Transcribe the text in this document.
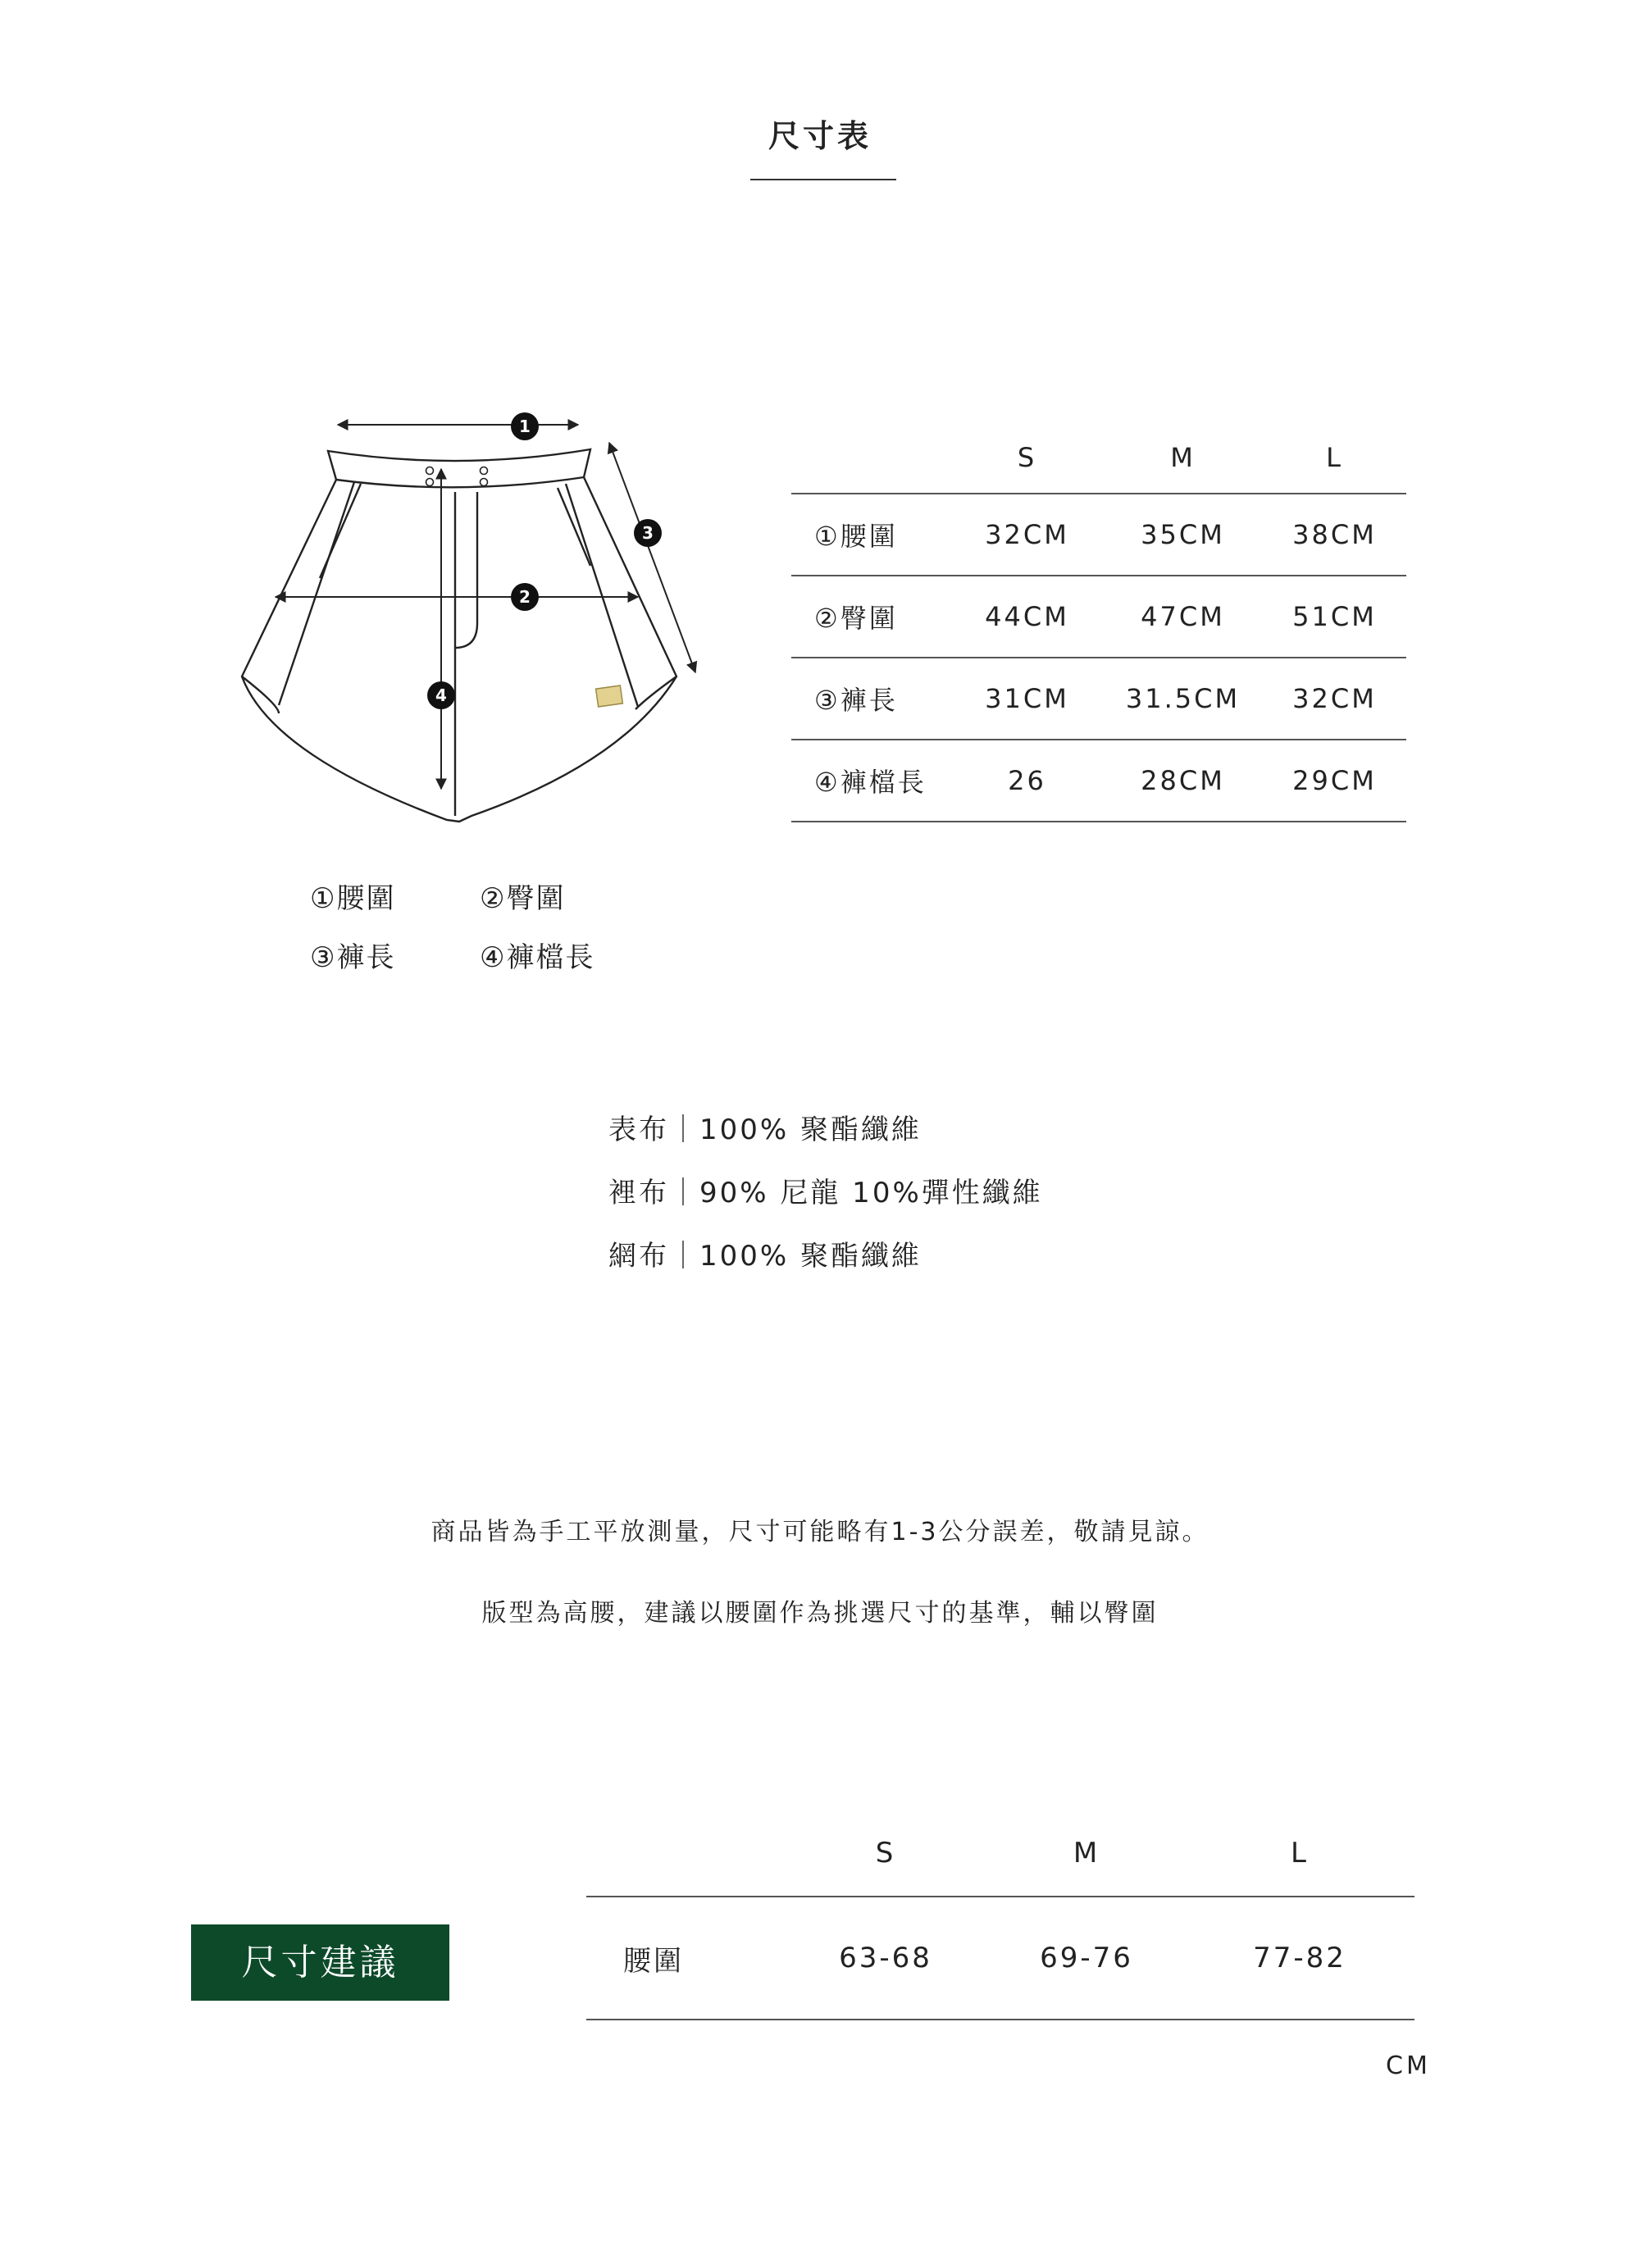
尺寸表
1
2
3
4
①腰圍	②臀圍
③褲長	④褲檔長
	S	M	L
①腰圍	32CM	35CM	38CM
②臀圍	44CM	47CM	51CM
③褲長	31CM	31.5CM	32CM
④褲檔長	26	28CM	29CM
表布｜100% 聚酯纖維
裡布｜90% 尼龍 10%彈性纖維
網布｜100% 聚酯纖維
商品皆為手工平放測量，尺寸可能略有1-3公分誤差，敬請見諒。
版型為高腰，建議以腰圍作為挑選尺寸的基準，輔以臀圍
尺寸建議
	S	M	L
腰圍	63-68	69-76	77-82
CM
